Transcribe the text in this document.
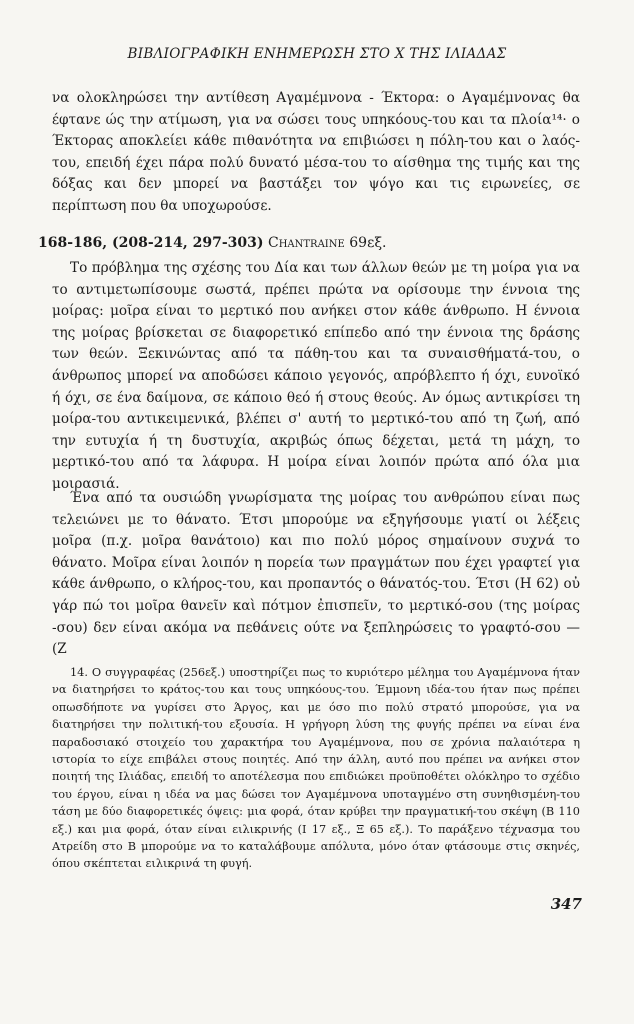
ΒΙΒΛΙΟΓΡΑΦΙΚΗ ΕΝΗΜΕΡΩΣΗ ΣΤΟ Χ ΤΗΣ ΙΛΙΑΔΑΣ

να ολοκληρώσει την αντίθεση Αγαμέμνονα - Έκτορα: ο Αγαμέμνονας θα έφτανε ώς την ατίμωση, για να σώσει τους υπηκόους-του και τα πλοία¹⁴· ο Έκτορας αποκλείει κάθε πιθανότητα να επιβιώσει η πόλη-του και ο λαός-του, επειδή έχει πάρα πολύ δυνατό μέσα-του το αίσθημα της τιμής και της δόξας και δεν μπορεί να βαστάξει τον ψόγο και τις ειρωνείες, σε περίπτωση που θα υποχωρούσε.

168-186, (208-214, 297-303) Chantraine 69εξ.

Το πρόβλημα της σχέσης του Δία και των άλλων θεών με τη μοίρα για να το αντιμετωπίσουμε σωστά, πρέπει πρώτα να ορίσουμε την έννοια της μοίρας: μοῖρα είναι το μερτικό που ανήκει στον κάθε άνθρωπο. Η έννοια της μοίρας βρίσκεται σε διαφορετικό επίπεδο από την έννοια της δράσης των θεών. Ξεκινώντας από τα πάθη-του και τα συναισθήματά-του, ο άνθρωπος μπορεί να αποδώσει κάποιο γεγονός, απρόβλεπτο ή όχι, ευνοϊκό ή όχι, σε ένα δαίμονα, σε κάποιο θεό ή στους θεούς. Αν όμως αντικρίσει τη μοίρα-του αντικειμενικά, βλέπει σ' αυτή το μερτικό-του από τη ζωή, από την ευτυχία ή τη δυστυχία, ακριβώς όπως δέχεται, μετά τη μάχη, το μερτικό-του από τα λάφυρα. Η μοίρα είναι λοιπόν πρώτα από όλα μια μοιρασιά.

Ένα από τα ουσιώδη γνωρίσματα της μοίρας του ανθρώπου είναι πως τελειώνει με το θάνατο. Έτσι μπορούμε να εξηγήσουμε γιατί οι λέξεις μοῖρα (π.χ. μοῖρα θανάτοιο) και πιο πολύ μόρος σημαίνουν συχνά το θάνατο. Μοῖρα είναι λοιπόν η πορεία των πραγμάτων που έχει γραφτεί για κάθε άνθρωπο, ο κλήρος-του, και προπαντός ο θάνατός-του. Έτσι (Η 62) οὐ γάρ πώ τοι μοῖρα θανεῖν καὶ πότμον ἐπισπεῖν, το μερτικό-σου (της μοίρας -σου) δεν είναι ακόμα να πεθάνεις ούτε να ξεπληρώσεις το γραφτό-σου — (Ζ

14. Ο συγγραφέας (256εξ.) υποστηρίζει πως το κυριότερο μέλημα του Αγαμέμνονα ήταν να διατηρήσει το κράτος-του και τους υπηκόους-του. Έμμονη ιδέα-του ήταν πως πρέπει οπωσδήποτε να γυρίσει στο Άργος, και με όσο πιο πολύ στρατό μπορούσε, για να διατηρήσει την πολιτική-του εξουσία. Η γρήγορη λύση της φυγής πρέπει να είναι ένα παραδοσιακό στοιχείο του χαρακτήρα του Αγαμέμνονα, που σε χρόνια παλαιότερα η ιστορία το είχε επιβάλει στους ποιητές. Από την άλλη, αυτό που πρέπει να ανήκει στον ποιητή της Ιλιάδας, επειδή το αποτέλεσμα που επιδιώκει προϋποθέτει ολόκληρο το σχέδιο του έργου, είναι η ιδέα να μας δώσει τον Αγαμέμνονα υποταγμένο στη συνηθισμένη-του τάση με δύο διαφορετικές όψεις: μια φορά, όταν κρύβει την πραγματική-του σκέψη (Β 110 εξ.) και μια φορά, όταν είναι ειλικρινής (Ι 17 εξ., Ξ 65 εξ.). Το παράξενο τέχνασμα του Ατρείδη στο Β μπορούμε να το καταλάβουμε απόλυτα, μόνο όταν φτάσουμε στις σκηνές, όπου σκέπτεται ειλικρινά τη φυγή.
347
